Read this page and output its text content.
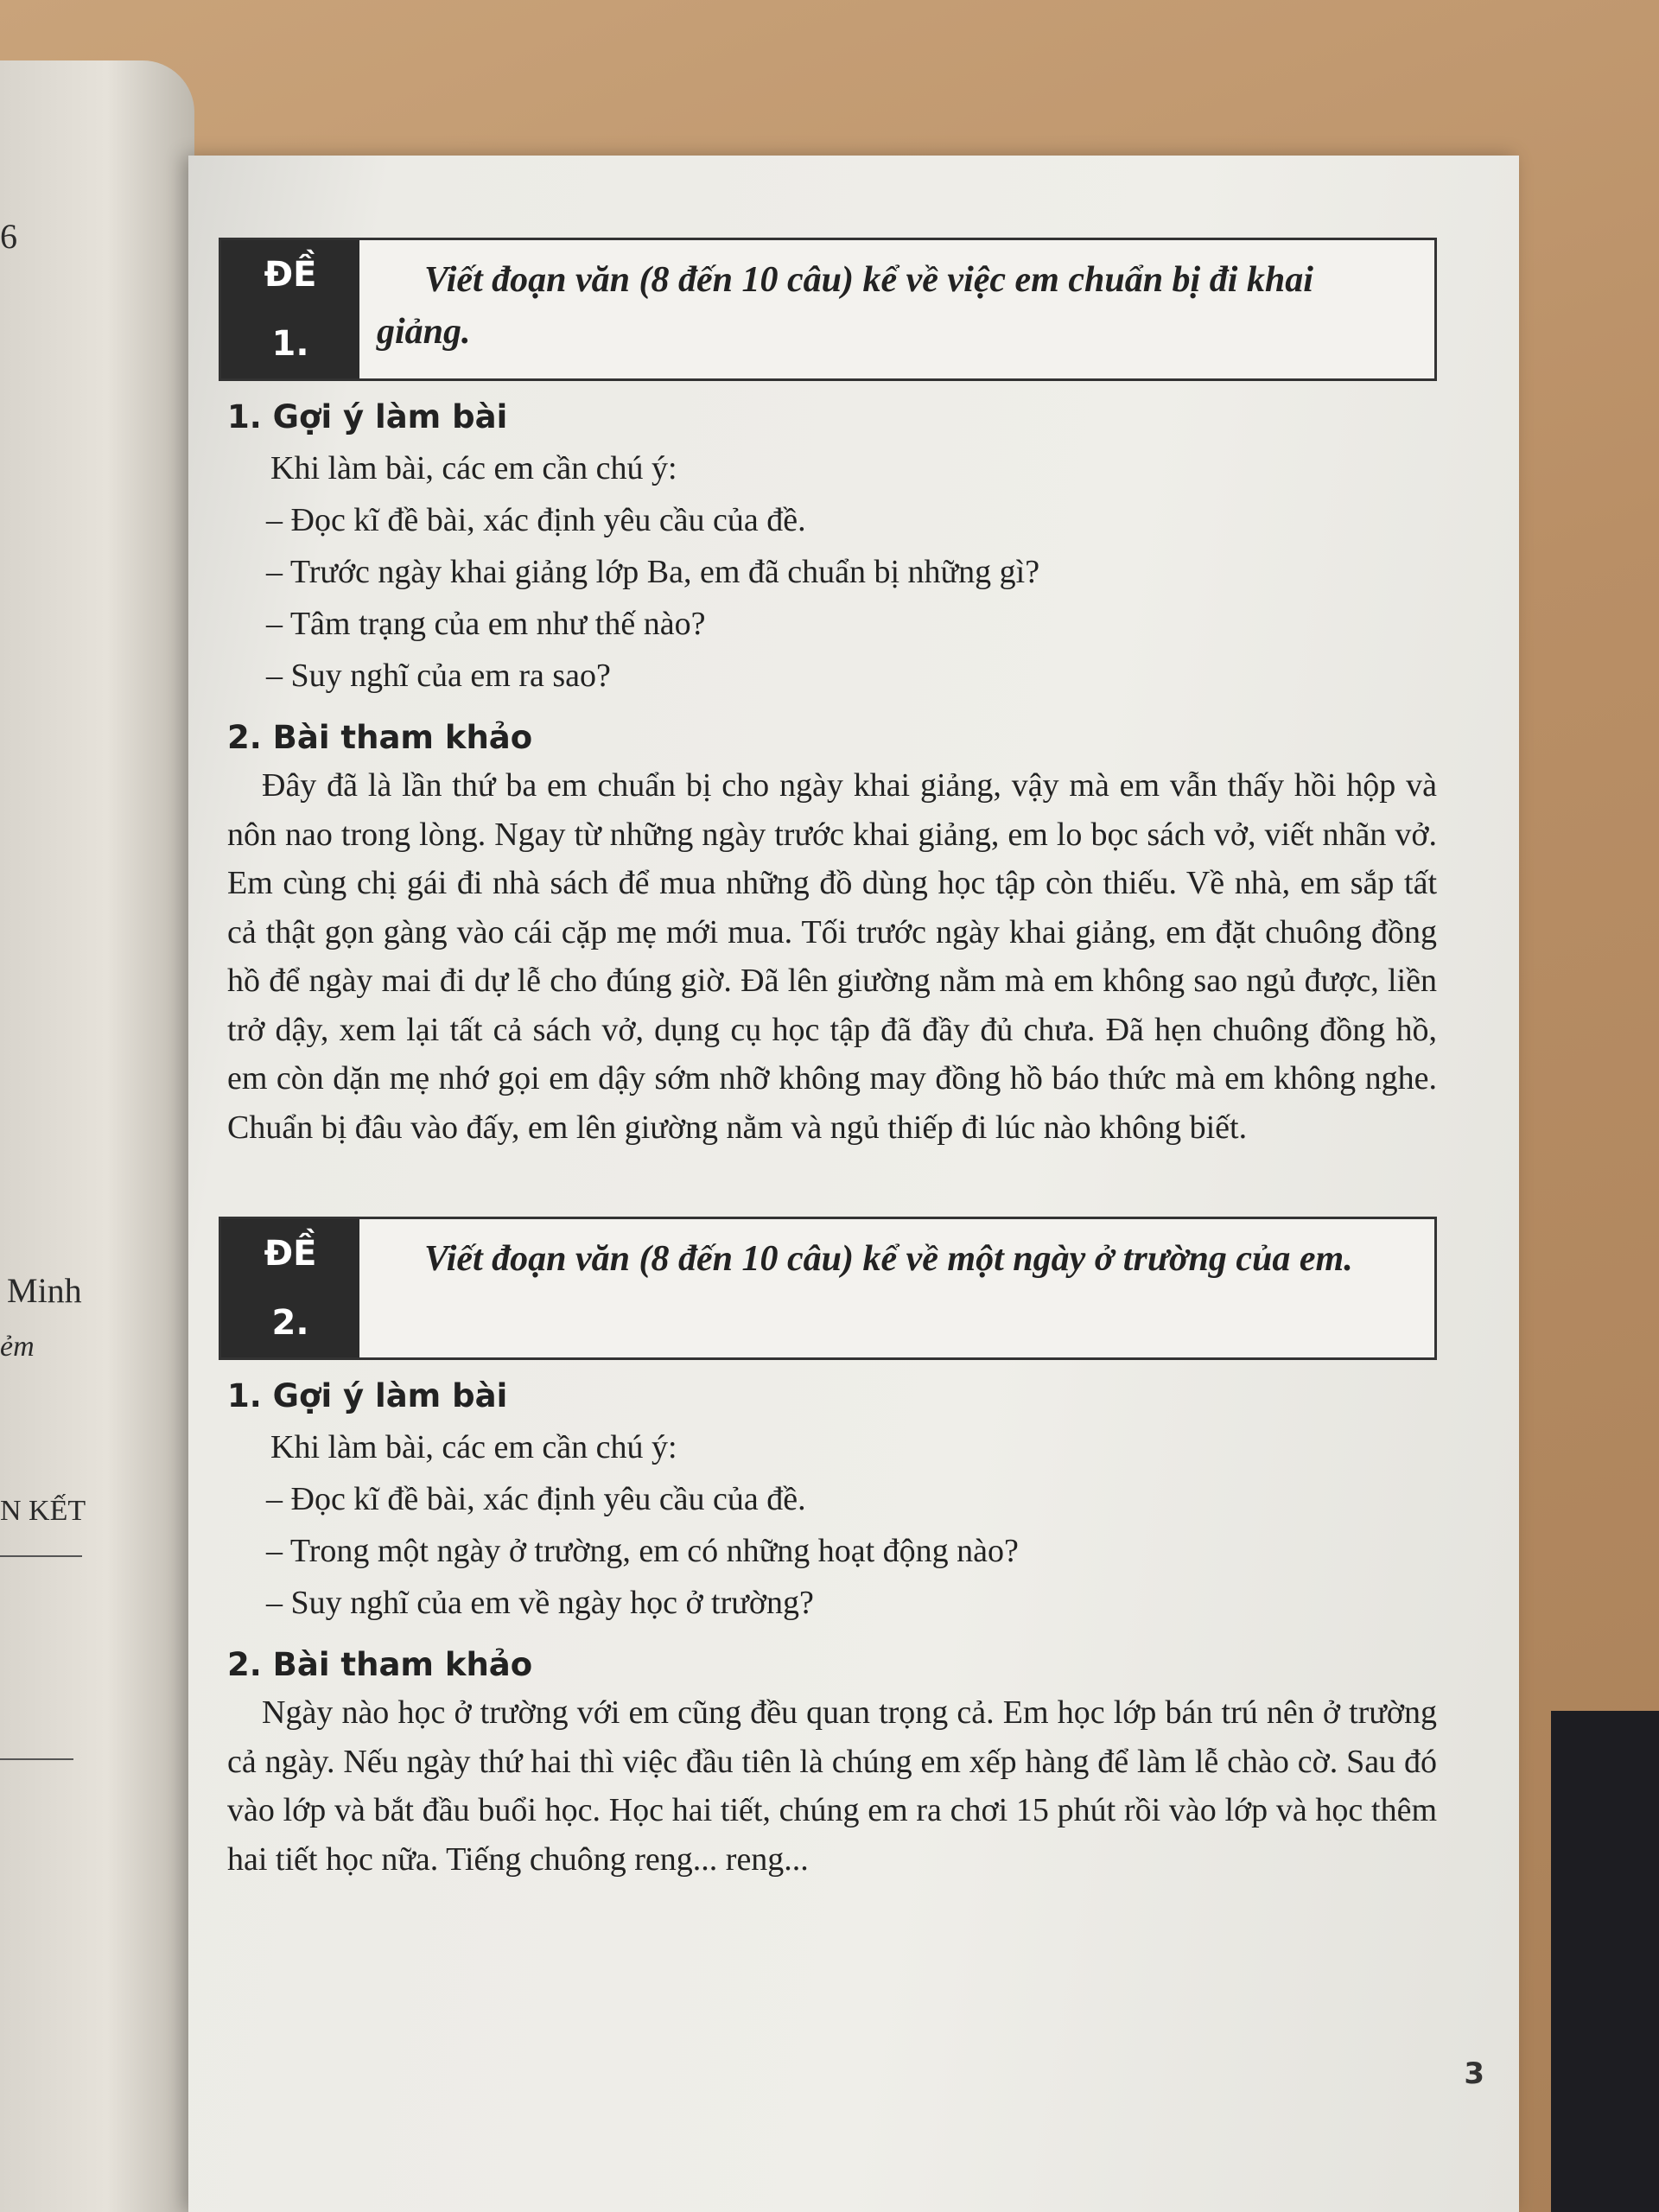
6
Minh
ẻm
N KẾT
ĐỀ
1.
Viết đoạn văn (8 đến 10 câu) kể về việc em chuẩn bị đi khai giảng.
1. Gợi ý làm bài
Khi làm bài, các em cần chú ý:
– Đọc kĩ đề bài, xác định yêu cầu của đề.
– Trước ngày khai giảng lớp Ba, em đã chuẩn bị những gì?
– Tâm trạng của em như thế nào?
– Suy nghĩ của em ra sao?
2. Bài tham khảo

Đây đã là lần thứ ba em chuẩn bị cho ngày khai giảng, vậy mà em vẫn thấy hồi hộp và nôn nao trong lòng. Ngay từ những ngày trước khai giảng, em lo bọc sách vở, viết nhãn vở. Em cùng chị gái đi nhà sách để mua những đồ dùng học tập còn thiếu. Về nhà, em sắp tất cả thật gọn gàng vào cái cặp mẹ mới mua. Tối trước ngày khai giảng, em đặt chuông đồng hồ để ngày mai đi dự lễ cho đúng giờ. Đã lên giường nằm mà em không sao ngủ được, liền trở dậy, xem lại tất cả sách vở, dụng cụ học tập đã đầy đủ chưa. Đã hẹn chuông đồng hồ, em còn dặn mẹ nhớ gọi em dậy sớm nhỡ không may đồng hồ báo thức mà em không nghe. Chuẩn bị đâu vào đấy, em lên giường nằm và ngủ thiếp đi lúc nào không biết.

ĐỀ
2.
Viết đoạn văn (8 đến 10 câu) kể về một ngày ở trường của em.
1. Gợi ý làm bài
Khi làm bài, các em cần chú ý:
– Đọc kĩ đề bài, xác định yêu cầu của đề.
– Trong một ngày ở trường, em có những hoạt động nào?
– Suy nghĩ của em về ngày học ở trường?
2. Bài tham khảo

Ngày nào học ở trường với em cũng đều quan trọng cả. Em học lớp bán trú nên ở trường cả ngày. Nếu ngày thứ hai thì việc đầu tiên là chúng em xếp hàng để làm lễ chào cờ. Sau đó vào lớp và bắt đầu buổi học. Học hai tiết, chúng em ra chơi 15 phút rồi vào lớp và học thêm hai tiết học nữa. Tiếng chuông reng... reng...

3
